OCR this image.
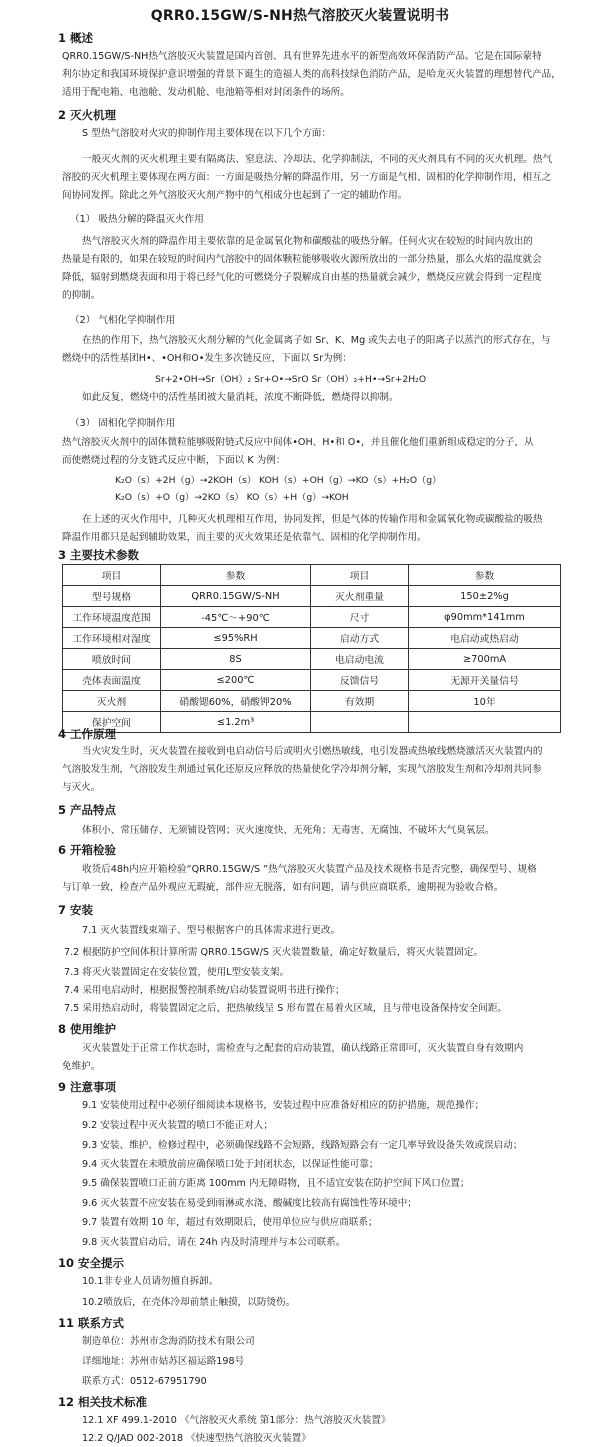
QRR0.15GW/S-NH热气溶胶灭火装置说明书
1 概述
QRR0.15GW/S-NH热气溶胶灭火装置是国内首创、具有世界先进水平的新型高效环保消防产品。它是在国际蒙特
利尔协定和我国环境保护意识增强的背景下诞生的造福人类的高科技绿色消防产品，是哈龙灭火装置的理想替代产品，
适用于配电箱、电池舱、发动机舱、电池箱等相对封闭条件的场所。
2 灭火机理
S 型热气溶胶对火灾的抑制作用主要体现在以下几个方面：
一般灭火剂的灭火机理主要有隔离法、窒息法、冷却法、化学抑制法，不同的灭火剂具有不同的灭火机理。热气
溶胶的灭火机理主要体现在两方面：一方面是吸热分解的降温作用，另一方面是气相、固相的化学抑制作用，相互之
间协同发挥。除此之外气溶胶灭火剂产物中的气相成分也起到了一定的辅助作用。
（1） 吸热分解的降温灭火作用
热气溶胶灭火剂的降温作用主要依靠的是金属氧化物和碳酸盐的吸热分解。任何火灾在较短的时间内放出的
热量是有限的，如果在较短的时间内气溶胶中的固体颗粒能够吸收火源所放出的一部分热量，那么火焰的温度就会
降低，辐射到燃烧表面和用于将已经气化的可燃烧分子裂解成自由基的热量就会减少，燃烧反应就会得到一定程度
的抑制。
（2） 气相化学抑制作用
在热的作用下，热气溶胶灭火剂分解的气化金属离子如 Sr、K、Mg 或失去电子的阳离子以蒸汽的形式存在，与
燃烧中的活性基团H•、•OH和O•发生多次链反应，下面以 Sr为例：
Sr+2•OH→Sr（OH）₂ Sr+O•→SrO Sr（OH）₂+H•→Sr+2H₂O
如此反复，燃烧中的活性基团被大量消耗，浓度不断降低，燃烧得以抑制。
（3） 固相化学抑制作用
热气溶胶灭火剂中的固体微粒能够吸附链式反应中间体•OH、H•和 O•，并且催化他们重新组成稳定的分子，从
而使燃烧过程的分支链式反应中断，下面以 K 为例：
K₂O（s）+2H（g）→2KOH（s） KOH（s）+OH（g）→KO（s）+H₂O（g）
K₂O（s）+O（g）→2KO（s） KO（s）+H（g）→KOH
在上述的灭火作用中，几种灭火机理相互作用，协同发挥，但是气体的传输作用和金属氧化物或碳酸盐的吸热
降温作用都只是起到辅助效果，而主要的灭火效果还是依靠气、固相的化学抑制作用。
3 主要技术参数
项目	参数	项目	参数
型号规格	QRR0.15GW/S-NH	灭火剂重量	150±2%g
工作环境温度范围	-45℃～+90℃	尺寸	φ90mm*141mm
工作环境相对湿度	≤95%RH	启动方式	电启动或热启动
喷放时间	8S	电启动电流	≥700mA
壳体表面温度	≤200℃	反馈信号	无源开关量信号
灭火剂	硝酸锶60%，硝酸钾20%	有效期	10年
保护空间	≤1.2m³		
4 工作原理
当火灾发生时，灭火装置在接收到电启动信号后或明火引燃热敏线，电引发器或热敏线燃烧激活灭火装置内的
气溶胶发生剂，气溶胶发生剂通过氧化还原反应释放的热量使化学冷却剂分解，实现气溶胶发生剂和冷却剂共同参
与灭火。
5 产品特点
体积小、常压储存、无须铺设管网；灭火速度快、无死角；无毒害、无腐蚀、不破坏大气臭氧层。
6 开箱检验
收货后48h内应开箱检验“QRR0.15GW/S ”热气溶胶灭火装置产品及技术规格书是否完整，确保型号、规格
与订单一致，检查产品外观应无瑕疵，部件应无脱落，如有问题，请与供应商联系，逾期视为验收合格。
7 安装
7.1 灭火装置线束端子、型号根据客户的具体需求进行更改。
7.2 根据防护空间体积计算所需 QRR0.15GW/S 灭火装置数量，确定好数量后，将灭火装置固定。
7.3 将灭火装置固定在安装位置，使用L型安装支架。
7.4 采用电启动时，根据报警控制系统/启动装置说明书进行操作；
7.5 采用热启动时，将装置固定之后，把热敏线呈 S 形布置在易着火区域，且与带电设备保持安全间距。
8 使用维护
灭火装置处于正常工作状态时，需检查与之配套的启动装置，确认线路正常即可，灭火装置自身有效期内
免维护。
9 注意事项
9.1 安装使用过程中必须仔细阅读本规格书，安装过程中应准备好相应的防护措施，规范操作；
9.2 安装过程中灭火装置的喷口不能正对人；
9.3 安装、维护、检修过程中，必须确保线路不会短路，线路短路会有一定几率导致设备失效或误启动；
9.4 灭火装置在未喷放前应确保喷口处于封闭状态，以保证性能可靠；
9.5 确保装置喷口正前方距离 100mm 内无障碍物，且不适宜安装在防护空间下风口位置；
9.6 灭火装置不应安装在易受到雨淋或水浇、酸碱度比较高有腐蚀性等环境中；
9.7 装置有效期 10 年，超过有效期限后，使用单位应与供应商联系；
9.8 灭火装置启动后，请在 24h 内及时清理并与本公司联系。
10 安全提示
10.1非专业人员请勿擅自拆卸。
10.2喷放后，在壳体冷却前禁止触摸，以防烫伤。
11 联系方式
制造单位：苏州市念海消防技术有限公司
详细地址：苏州市姑苏区福运路198号
联系方式：0512-67951790
12 相关技术标准
12.1 XF 499.1-2010 《气溶胶灭火系统 第1部分：热气溶胶灭火装置》
12.2 Q/JAD 002-2018 《快速型热气溶胶灭火装置》
